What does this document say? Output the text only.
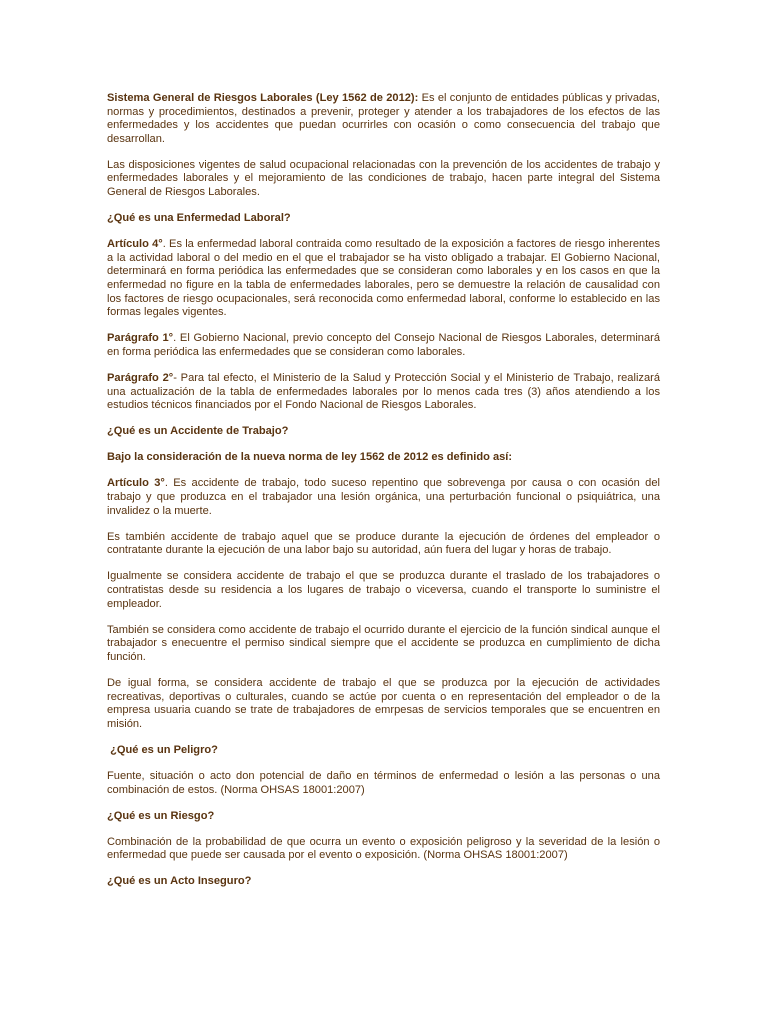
Sistema General de Riesgos Laborales (Ley 1562 de 2012): Es el conjunto de entidades públicas y privadas, normas y procedimientos, destinados a prevenir, proteger y atender a los trabajadores de los efectos de las enfermedades y los accidentes que puedan ocurrirles con ocasión o como consecuencia del trabajo que desarrollan.

Las disposiciones vigentes de salud ocupacional relacionadas con la prevención de los accidentes de trabajo y enfermedades laborales y el mejoramiento de las condiciones de trabajo, hacen parte integral del Sistema General de Riesgos Laborales.

¿Qué es una Enfermedad Laboral?

Artículo 4°. Es la enfermedad laboral contraida como resultado de la exposición a factores de riesgo inherentes a la actividad laboral o del medio en el que el trabajador se ha visto obligado a trabajar. El Gobierno Nacional, determinará en forma periódica las enfermedades que se consideran como laborales y en los casos en que la enfermedad no figure en la tabla de enfermedades laborales, pero se demuestre la relación de causalidad con los factores de riesgo ocupacionales, será reconocida como enfermedad laboral, conforme lo establecido en las formas legales vigentes.

Parágrafo 1°. El Gobierno Nacional, previo concepto del Consejo Nacional de Riesgos Laborales, determinará en forma periódica las enfermedades que se consideran como laborales.

Parágrafo 2°- Para tal efecto, el Ministerio de la Salud y Protección Social y el Ministerio de Trabajo, realizará una actualización de la tabla de enfermedades laborales por lo menos cada tres (3) años atendiendo a los estudios técnicos financiados por el Fondo Nacional de Riesgos Laborales.

¿Qué es un Accidente de Trabajo?

Bajo la consideración de la nueva norma de ley 1562 de 2012 es definido así:

Artículo 3°. Es accidente de trabajo, todo suceso repentino que sobrevenga por causa o con ocasión del trabajo y que produzca en el trabajador una lesión orgánica, una perturbación funcional o psiquiátrica, una invalidez o la muerte.

Es también accidente de trabajo aquel que se produce durante la ejecución de órdenes del empleador o contratante durante la ejecución de una labor bajo su autoridad, aún fuera del lugar y horas de trabajo.

Igualmente se considera accidente de trabajo el que se produzca durante el traslado de los trabajadores o contratistas desde su residencia a los lugares de trabajo o viceversa, cuando el transporte lo suministre el empleador.

También se considera como accidente de trabajo el ocurrido durante el ejercicio de la función sindical aunque el trabajador s enecuentre el permiso sindical siempre que el accidente se produzca en cumplimiento de dicha función.

De igual forma, se considera accidente de trabajo el que se produzca por la ejecución de actividades recreativas, deportivas o culturales, cuando se actúe por cuenta o en representación del empleador o de la empresa usuaria cuando se trate de trabajadores de emrpesas de servicios temporales que se encuentren en misión.

¿Qué es un Peligro?

Fuente, situación o acto don potencial de daño en términos de enfermedad o lesión a las personas o una combinación de estos. (Norma OHSAS 18001:2007)

¿Qué es un Riesgo?

Combinación de la probabilidad de que ocurra un evento o exposición peligroso y la severidad de la lesión o enfermedad que puede ser causada por el evento o exposición. (Norma OHSAS 18001:2007)

¿Qué es un Acto Inseguro?
